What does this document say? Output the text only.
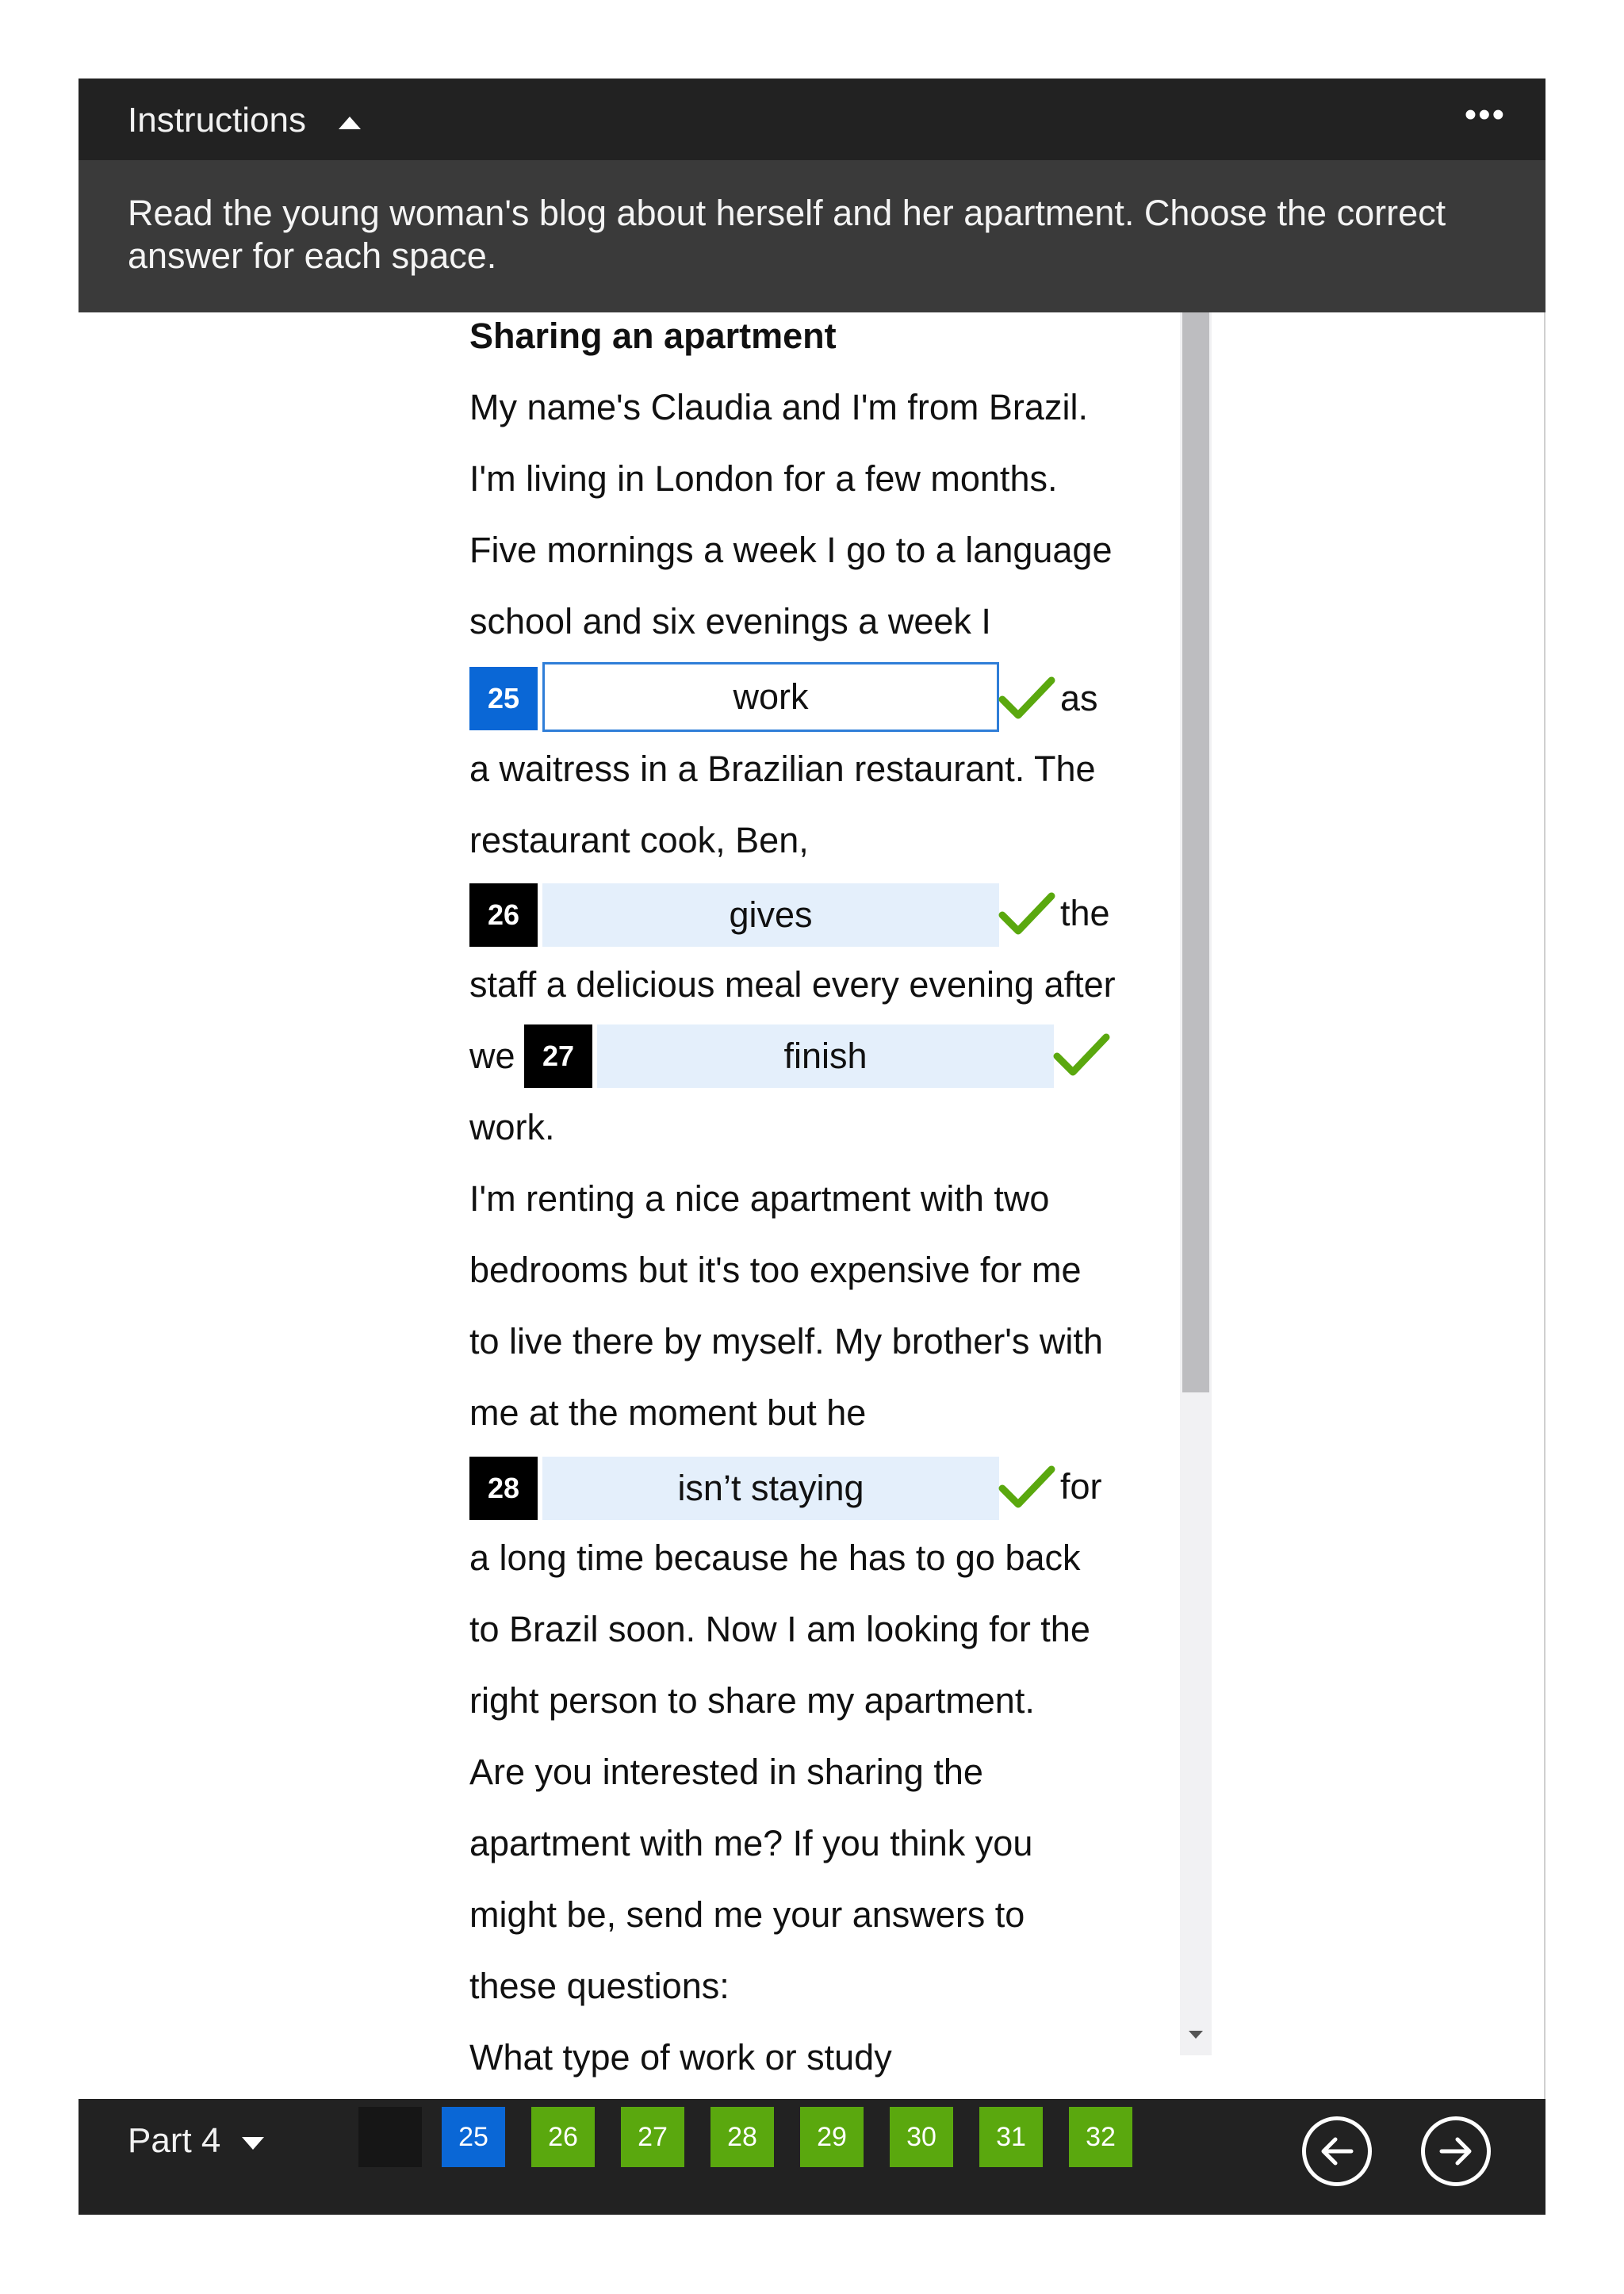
Instructions	•••
Read the young woman's blog about herself and her apartment. Choose the correct answer for each space.
Sharing an apartment
My name's Claudia and I'm from Brazil.
I'm living in London for a few months.
Five mornings a week I go to a language
school and six evenings a week I
25	work	as
a waitress in a Brazilian restaurant. The
restaurant cook, Ben,
26	gives	the
staff a delicious meal every evening after
we 27	finish
work.
I'm renting a nice apartment with two
bedrooms but it's too expensive for me
to live there by myself. My brother's with
me at the moment but he
28	isn’t staying	for
a long time because he has to go back
to Brazil soon. Now I am looking for the
right person to share my apartment.
Are you interested in sharing the
apartment with me? If you think you
might be, send me your answers to
these questions:
What type of work or study
Part 4	25	26	27	28	29	30	31	32
